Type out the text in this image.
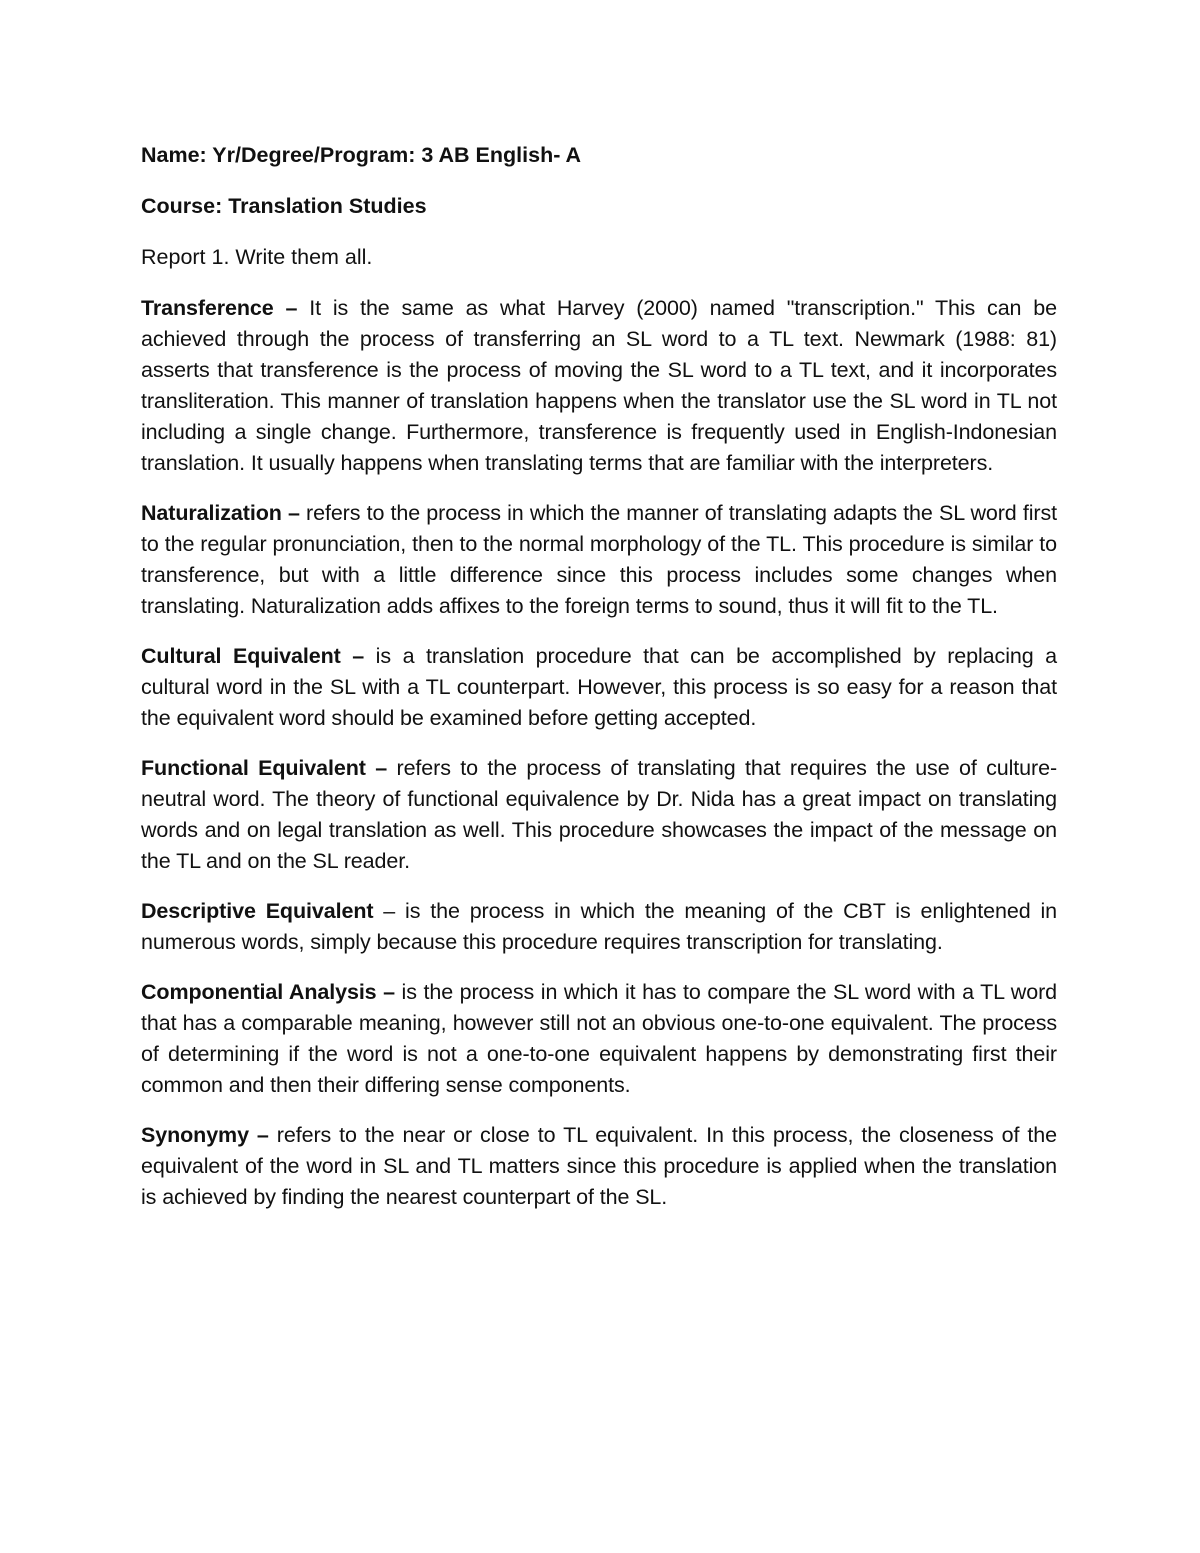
Name: Yr/Degree/Program: 3 AB English- A
Course: Translation Studies
Report 1. Write them all.

Transference – It is the same as what Harvey (2000) named "transcription." This can be achieved through the process of transferring an SL word to a TL text. Newmark (1988: 81) asserts that transference is the process of moving the SL word to a TL text, and it incorporates transliteration. This manner of translation happens when the translator use the SL word in TL not including a single change. Furthermore, transference is frequently used in English-Indonesian translation. It usually happens when translating terms that are familiar with the interpreters.

Naturalization – refers to the process in which the manner of translating adapts the SL word first to the regular pronunciation, then to the normal morphology of the TL. This procedure is similar to transference, but with a little difference since this process includes some changes when translating. Naturalization adds affixes to the foreign terms to sound, thus it will fit to the TL.

Cultural Equivalent – is a translation procedure that can be accomplished by replacing a cultural word in the SL with a TL counterpart. However, this process is so easy for a reason that the equivalent word should be examined before getting accepted.

Functional Equivalent – refers to the process of translating that requires the use of culture-neutral word. The theory of functional equivalence by Dr. Nida has a great impact on translating words and on legal translation as well. This procedure showcases the impact of the message on the TL and on the SL reader.

Descriptive Equivalent – is the process in which the meaning of the CBT is enlightened in numerous words, simply because this procedure requires transcription for translating.

Componential Analysis – is the process in which it has to compare the SL word with a TL word that has a comparable meaning, however still not an obvious one-to-one equivalent. The process of determining if the word is not a one-to-one equivalent happens by demonstrating first their common and then their differing sense components.

Synonymy – refers to the near or close to TL equivalent. In this process, the closeness of the equivalent of the word in SL and TL matters since this procedure is applied when the translation is achieved by finding the nearest counterpart of the SL.
